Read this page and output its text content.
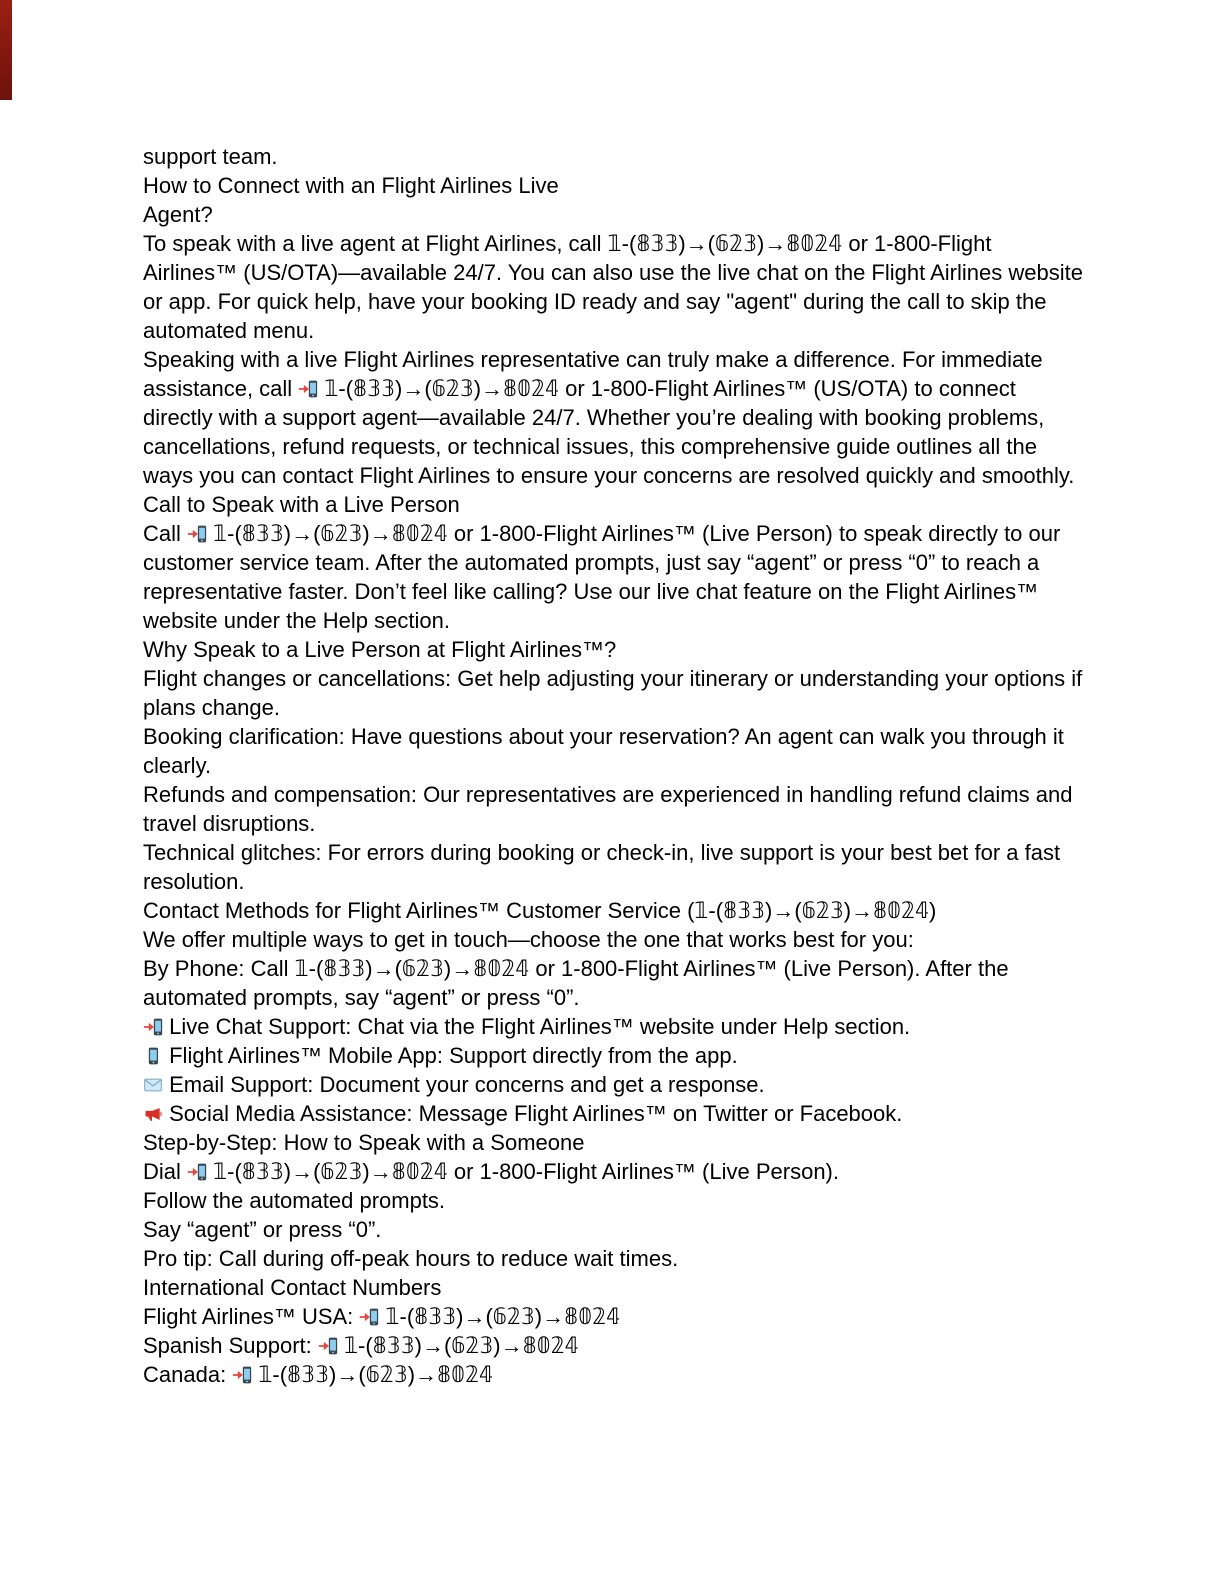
support team.

How to Connect with an Flight Airlines Live
Agent?

To speak with a live agent at Flight Airlines, call 𝟙-(𝟠𝟛𝟛)→(𝟞𝟚𝟛)→𝟠𝟘𝟚𝟜 or 1-800-Flight Airlines™ (US/OTA)—available 24/7. You can also use the live chat on the Flight Airlines website or app. For quick help, have your booking ID ready and say "agent" during the call to skip the automated menu.

Speaking with a live Flight Airlines representative can truly make a difference. For immediate assistance, call
𝟙-(𝟠𝟛𝟛)→(𝟞𝟚𝟛)→𝟠𝟘𝟚𝟜 or 1-800-Flight Airlines™ (US/OTA) to connect directly with a support agent—available 24/7. Whether you’re dealing with booking problems, cancellations, refund requests, or technical issues, this comprehensive guide outlines all the ways you can contact Flight Airlines to ensure your concerns are resolved quickly and smoothly.

Call to Speak with a Live Person

Call
𝟙-(𝟠𝟛𝟛)→(𝟞𝟚𝟛)→𝟠𝟘𝟚𝟜 or 1-800-Flight Airlines™ (Live Person) to speak directly to our customer service team. After the automated prompts, just say “agent” or press “0” to reach a representative faster. Don’t feel like calling? Use our live chat feature on the Flight Airlines™ website under the Help section.

Why Speak to a Live Person at Flight Airlines™?

Flight changes or cancellations: Get help adjusting your itinerary or understanding your options if plans change.

Booking clarification: Have questions about your reservation? An agent can walk you through it clearly.

Refunds and compensation: Our representatives are experienced in handling refund claims and travel disruptions.

Technical glitches: For errors during booking or check-in, live support is your best bet for a fast resolution.

Contact Methods for Flight Airlines™ Customer Service (𝟙-(𝟠𝟛𝟛)→(𝟞𝟚𝟛)→𝟠𝟘𝟚𝟜)

We offer multiple ways to get in touch—choose the one that works best for you:

By Phone: Call 𝟙-(𝟠𝟛𝟛)→(𝟞𝟚𝟛)→𝟠𝟘𝟚𝟜 or 1-800-Flight Airlines™ (Live Person). After the automated prompts, say “agent” or press “0”.

Live Chat Support: Chat via the Flight Airlines™ website under Help section.

Flight Airlines™ Mobile App: Support directly from the app.

Email Support: Document your concerns and get a response.

Social Media Assistance: Message Flight Airlines™ on Twitter or Facebook.

Step-by-Step: How to Speak with a Someone

Dial
𝟙-(𝟠𝟛𝟛)→(𝟞𝟚𝟛)→𝟠𝟘𝟚𝟜 or 1-800-Flight Airlines™ (Live Person).

Follow the automated prompts.

Say “agent” or press “0”.

Pro tip: Call during off-peak hours to reduce wait times.

International Contact Numbers

Flight Airlines™ USA:
𝟙-(𝟠𝟛𝟛)→(𝟞𝟚𝟛)→𝟠𝟘𝟚𝟜

Spanish Support:
𝟙-(𝟠𝟛𝟛)→(𝟞𝟚𝟛)→𝟠𝟘𝟚𝟜

Canada:
𝟙-(𝟠𝟛𝟛)→(𝟞𝟚𝟛)→𝟠𝟘𝟚𝟜
